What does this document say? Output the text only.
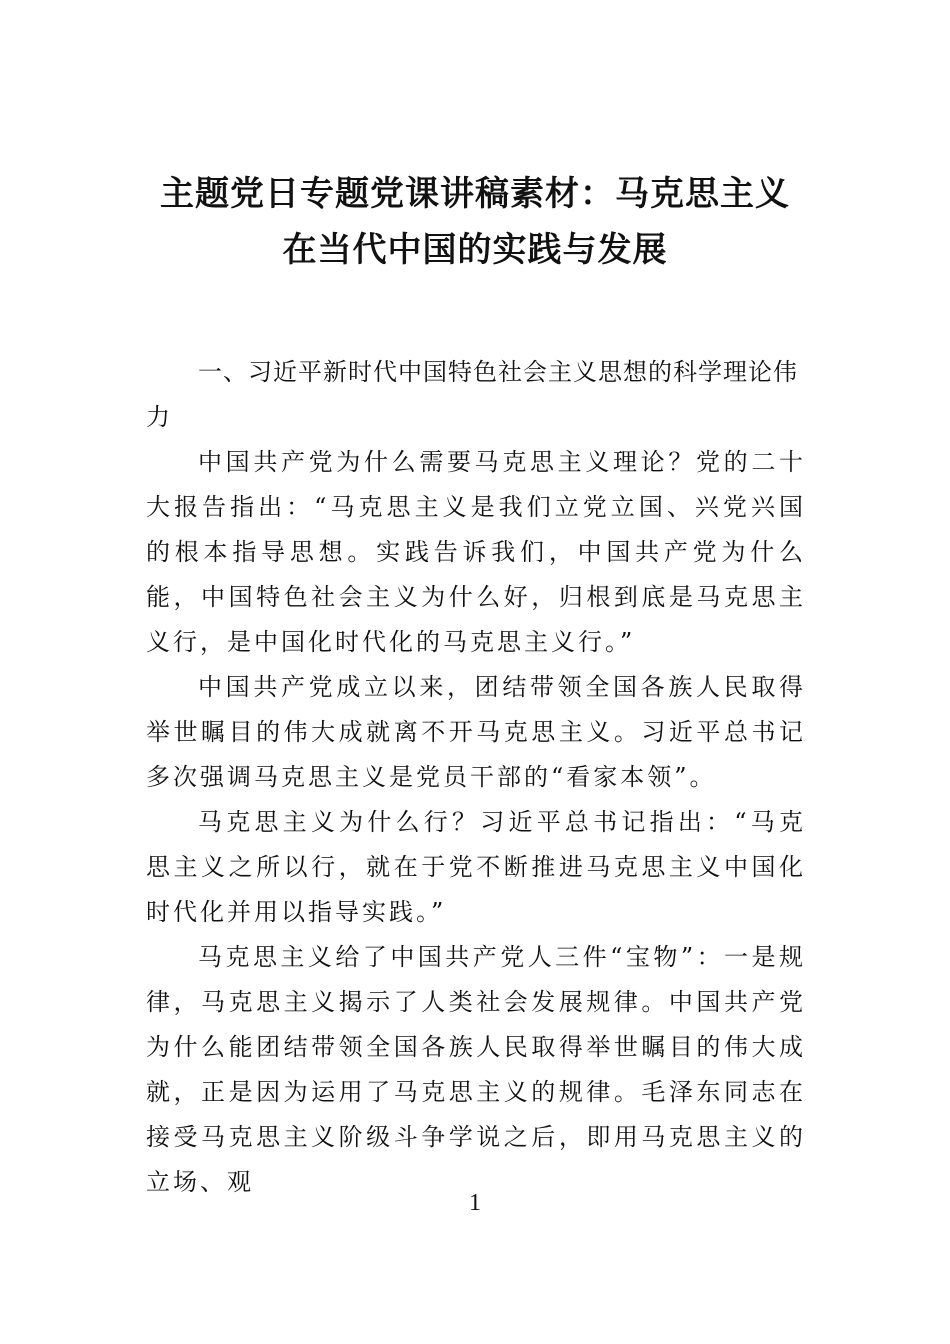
主题党日专题党课讲稿素材：马克思主义
在当代中国的实践与发展

一、习近平新时代中国特色社会主义思想的科学理论伟力

中国共产党为什么需要马克思主义理论？党的二十大报告指出：“马克思主义是我们立党立国、兴党兴国的根本指导思想。实践告诉我们，中国共产党为什么能，中国特色社会主义为什么好，归根到底是马克思主义行，是中国化时代化的马克思主义行。”

中国共产党成立以来，团结带领全国各族人民取得举世瞩目的伟大成就离不开马克思主义。习近平总书记多次强调马克思主义是党员干部的“看家本领”。

马克思主义为什么行？习近平总书记指出：“马克思主义之所以行，就在于党不断推进马克思主义中国化时代化并用以指导实践。”

马克思主义给了中国共产党人三件“宝物”：一是规律，马克思主义揭示了人类社会发展规律。中国共产党为什么能团结带领全国各族人民取得举世瞩目的伟大成就，正是因为运用了马克思主义的规律。毛泽东同志在接受马克思主义阶级斗争学说之后，即用马克思主义的立场、观

1
